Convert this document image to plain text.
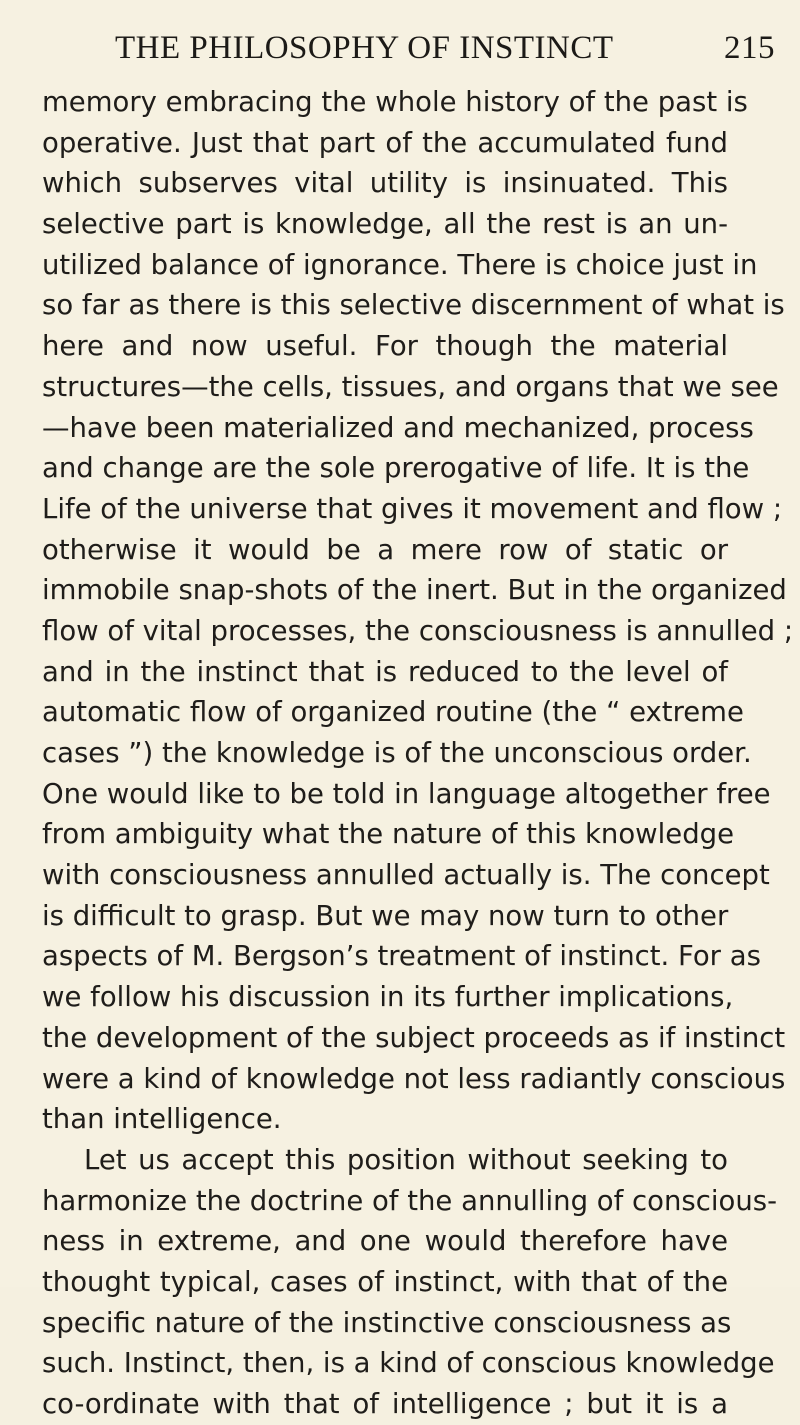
THE PHILOSOPHY OF INSTINCT	215
memory embracing the whole history of the past is
operative. Just that part of the accumulated fund
which subserves vital utility is insinuated. This
selective part is knowledge, all the rest is an un-
utilized balance of ignorance. There is choice just in
so far as there is this selective discernment of what is
here and now useful. For though the material
structures—the cells, tissues, and organs that we see
—have been materialized and mechanized, process
and change are the sole prerogative of life. It is the
Life of the universe that gives it movement and flow ;
otherwise it would be a mere row of static or
immobile snap-shots of the inert. But in the organized
flow of vital processes, the consciousness is annulled ;
and in the instinct that is reduced to the level of
automatic flow of organized routine (the “ extreme
cases ”) the knowledge is of the unconscious order.
One would like to be told in language altogether free
from ambiguity what the nature of this knowledge
with consciousness annulled actually is. The concept
is difficult to grasp. But we may now turn to other
aspects of M. Bergson’s treatment of instinct. For as
we follow his discussion in its further implications,
the development of the subject proceeds as if instinct
were a kind of knowledge not less radiantly conscious
than intelligence.
Let us accept this position without seeking to
harmonize the doctrine of the annulling of conscious-
ness in extreme, and one would therefore have
thought typical, cases of instinct, with that of the
specific nature of the instinctive consciousness as
such. Instinct, then, is a kind of conscious knowledge
co-ordinate with that of intelligence ; but it is a
